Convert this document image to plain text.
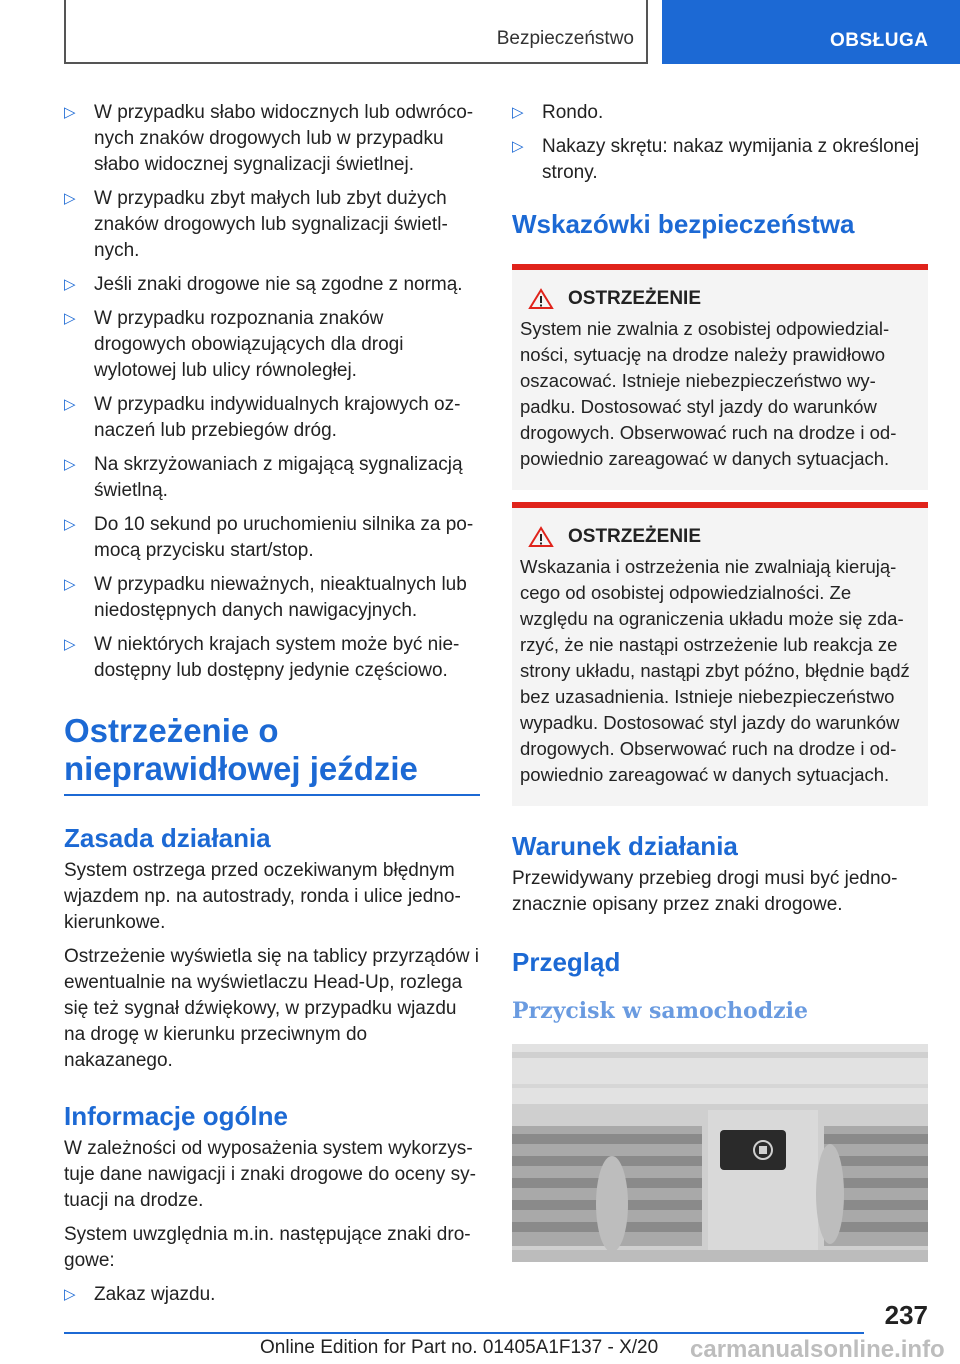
Bezpieczeństwo	OBSŁUGA
▷ W przypadku słabo widocznych lub odwróconych znaków drogowych lub w przypadku słabo widocznej sygnalizacji świetlnej.
▷ W przypadku zbyt małych lub zbyt dużych znaków drogowych lub sygnalizacji świetlnych.
▷ Jeśli znaki drogowe nie są zgodne z normą.
▷ W przypadku rozpoznania znaków drogowych obowiązujących dla drogi wylotowej lub ulicy równoległej.
▷ W przypadku indywidualnych krajowych oznaczeń lub przebiegów dróg.
▷ Na skrzyżowaniach z migającą sygnalizacją świetlną.
▷ Do 10 sekund po uruchomieniu silnika za pomocą przycisku start/stop.
▷ W przypadku nieważnych, nieaktualnych lub niedostępnych danych nawigacyjnych.
▷ W niektórych krajach system może być niedostępny lub dostępny jedynie częściowo.
Ostrzeżenie o nieprawidłowej jeździe
Zasada działania

System ostrzega przed oczekiwanym błędnym wjazdem np. na autostrady, ronda i ulice jednokierunkowe.

Ostrzeżenie wyświetla się na tablicy przyrządów i ewentualnie na wyświetlaczu Head-Up, rozlega się też sygnał dźwiękowy, w przypadku wjazdu na drogę w kierunku przeciwnym do nakazanego.

Informacje ogólne

W zależności od wyposażenia system wykorzystuje dane nawigacji i znaki drogowe do oceny sytuacji na drodze.

System uwzględnia m.in. następujące znaki drogowe:

▷ Zakaz wjazdu.
▷ Rondo.
▷ Nakazy skrętu: nakaz wymijania z określonej strony.
Wskazówki bezpieczeństwa
OSTRZEŻENIE

System nie zwalnia z osobistej odpowiedzialności, sytuację na drodze należy prawidłowo oszacować. Istnieje niebezpieczeństwo wypadku. Dostosować styl jazdy do warunków drogowych. Obserwować ruch na drodze i odpowiednio zareagować w danych sytuacjach.

OSTRZEŻENIE

Wskazania i ostrzeżenia nie zwalniają kierującego od osobistej odpowiedzialności. Ze względu na ograniczenia układu może się zdarzyć, że nie nastąpi ostrzeżenie lub reakcja ze strony układu, nastąpi zbyt późno, błędnie bądź bez uzasadnienia. Istnieje niebezpieczeństwo wypadku. Dostosować styl jazdy do warunków drogowych. Obserwować ruch na drodze i odpowiednio zareagować w danych sytuacjach.

Warunek działania

Przewidywany przebieg drogi musi być jednoznacznie opisany przez znaki drogowe.

Przegląd
Przycisk w samochodzie
237
Online Edition for Part no. 01405A1F137 - X/20 carmanualsonline.info
